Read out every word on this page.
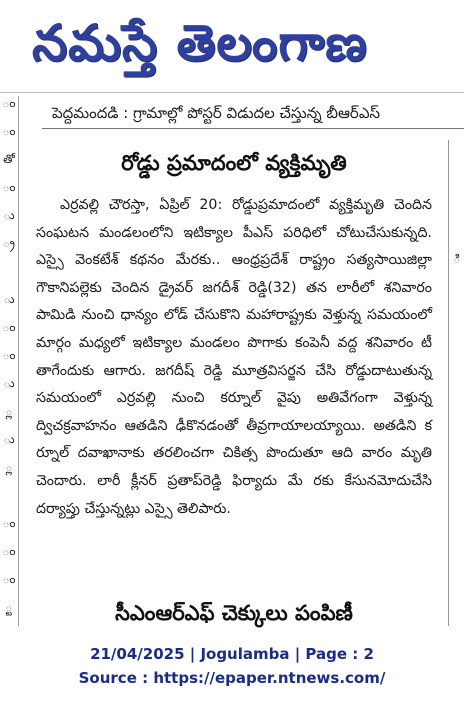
నమస్తే తెలంగాణ
ం
ం
తో
ం
ు
్ర
ు
ం
ం
ు
్ల
ు
్ల
ం
ం
ం
్ట
ి
పెద్దమందడి : గ్రామాల్లో పోస్టర్ విడుదల చేస్తున్న బీఆర్ఎస్
రోడ్డు ప్రమాదంలో వ్యక్తిమృతి
ఎర్రవల్లి చౌరస్తా, ఏప్రిల్ 20: రోడ్డుప్రమాదంలో వ్యక్తిమృతి చెందిన సంఘటన మండలంలోని ఇటిక్యాల పీఎస్ పరిధిలో చోటుచేసుకున్నది. ఎస్సై వెంకటేశ్ కథనం మేరకు.. ఆంధ్రప్రదేశ్ రాష్ట్రం సత్యసాయిజిల్లా గౌకానిపల్లెకు చెందిన డ్రైవర్ జగదీశ్ రెడ్డి(32) తన లారీలో శనివారం పామిడి నుంచి ధాన్యం లోడ్ చేసుకొని మహారాష్ట్రకు వెళ్తున్న సమయంలో మార్గం మధ్యలో ఇటిక్యాల మండలం పొగాకు కంపెనీ వద్ద శనివారం టీ తాగేందుకు ఆగారు. జగదీష్ రెడ్డి మూత్రవిసర్జన చేసి రోడ్డుదాటుతున్న సమయంలో ఎర్రవల్లి నుంచి కర్నూల్ వైపు అతివేగంగా వెళ్తున్న ద్విచక్రవాహనం ఆతడిని ఢీకొనడంతో తీవ్రగాయాలయ్యాయి. అతడిని క ర్నూల్ దవాఖానాకు తరలించగా చికిత్స పొందుతూ ఆది వారం మృతి చెందారు. లారీ క్లీనర్ ప్రతాప్‌రెడ్డి ఫిర్యాదు మే రకు కేసునమోదుచేసి దర్యాప్తు చేస్తున్నట్లు ఎస్సై తెలిపారు.
సీఎంఆర్ఎఫ్ చెక్కులు పంపిణీ
21/04/2025 | Jogulamba | Page : 2
Source : https://epaper.ntnews.com/
